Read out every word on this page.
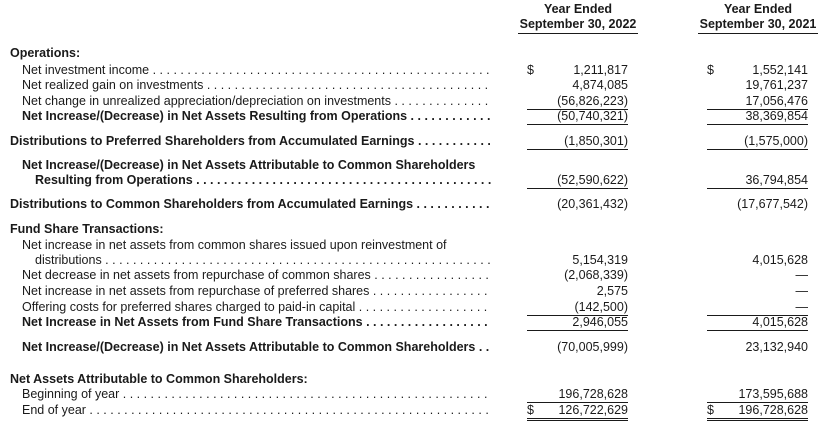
Year Ended
September 30, 2022
Year Ended
September 30, 2021
Operations:
Net investment income . . .	$	1,211,817	$	1,552,141
Net realized gain on investments . . .	4,874,085	19,761,237
Net change in unrealized appreciation/depreciation on investments . . .	(56,826,223)	17,056,476
Net Increase/(Decrease) in Net Assets Resulting from Operations . . .	(50,740,321)	38,369,854
Distributions to Preferred Shareholders from Accumulated Earnings . . .	(1,850,301)	(1,575,000)
Net Increase/(Decrease) in Net Assets Attributable to Common Shareholders
Resulting from Operations . . .	(52,590,622)	36,794,854
Distributions to Common Shareholders from Accumulated Earnings . . .	(20,361,432)	(17,677,542)
Fund Share Transactions:
Net increase in net assets from common shares issued upon reinvestment of
distributions . . .	5,154,319	4,015,628
Net decrease in net assets from repurchase of common shares . . .	(2,068,339)	—
Net increase in net assets from repurchase of preferred shares . . .	2,575	—
Offering costs for preferred shares charged to paid-in capital . . .	(142,500)	—
Net Increase in Net Assets from Fund Share Transactions . . .	2,946,055	4,015,628
Net Increase/(Decrease) in Net Assets Attributable to Common Shareholders . . .	(70,005,999)	23,132,940
Net Assets Attributable to Common Shareholders:
Beginning of year . . .	196,728,628	173,595,688
End of year . . .	$	126,722,629	$	196,728,628
